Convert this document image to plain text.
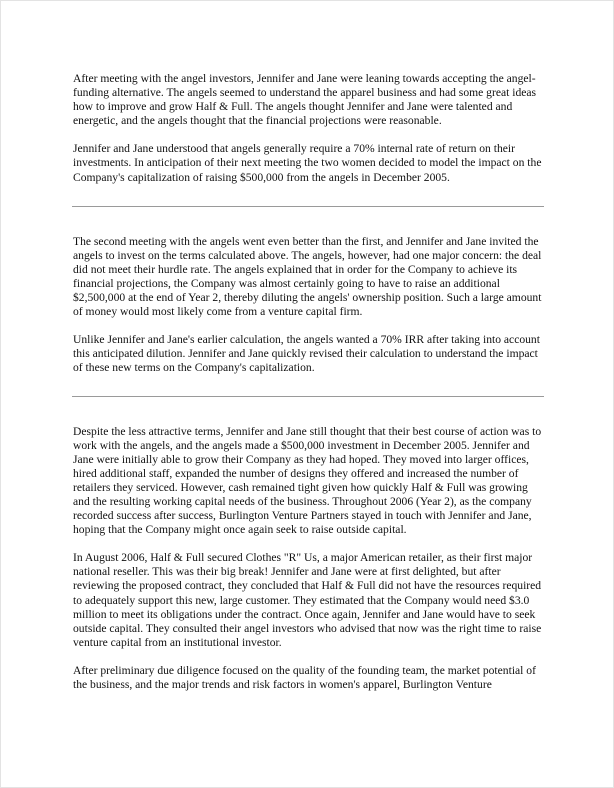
After meeting with the angel investors, Jennifer and Jane were leaning towards accepting the angel-funding alternative. The angels seemed to understand the apparel business and had some great ideas how to improve and grow Half & Full. The angels thought Jennifer and Jane were talented and energetic, and the angels thought that the financial projections were reasonable.

Jennifer and Jane understood that angels generally require a 70% internal rate of return on their investments. In anticipation of their next meeting the two women decided to model the impact on the Company's capitalization of raising $500,000 from the angels in December 2005.

The second meeting with the angels went even better than the first, and Jennifer and Jane invited the angels to invest on the terms calculated above. The angels, however, had one major concern: the deal did not meet their hurdle rate. The angels explained that in order for the Company to achieve its financial projections, the Company was almost certainly going to have to raise an additional $2,500,000 at the end of Year 2, thereby diluting the angels' ownership position. Such a large amount of money would most likely come from a venture capital firm.

Unlike Jennifer and Jane's earlier calculation, the angels wanted a 70% IRR after taking into account this anticipated dilution. Jennifer and Jane quickly revised their calculation to understand the impact of these new terms on the Company's capitalization.

Despite the less attractive terms, Jennifer and Jane still thought that their best course of action was to work with the angels, and the angels made a $500,000 investment in December 2005. Jennifer and Jane were initially able to grow their Company as they had hoped. They moved into larger offices, hired additional staff, expanded the number of designs they offered and increased the number of retailers they serviced. However, cash remained tight given how quickly Half & Full was growing and the resulting working capital needs of the business. Throughout 2006 (Year 2), as the company recorded success after success, Burlington Venture Partners stayed in touch with Jennifer and Jane, hoping that the Company might once again seek to raise outside capital.

In August 2006, Half & Full secured Clothes "R" Us, a major American retailer, as their first major national reseller. This was their big break! Jennifer and Jane were at first delighted, but after reviewing the proposed contract, they concluded that Half & Full did not have the resources required to adequately support this new, large customer. They estimated that the Company would need $3.0 million to meet its obligations under the contract. Once again, Jennifer and Jane would have to seek outside capital. They consulted their angel investors who advised that now was the right time to raise venture capital from an institutional investor.

After preliminary due diligence focused on the quality of the founding team, the market potential of the business, and the major trends and risk factors in women's apparel, Burlington Venture
